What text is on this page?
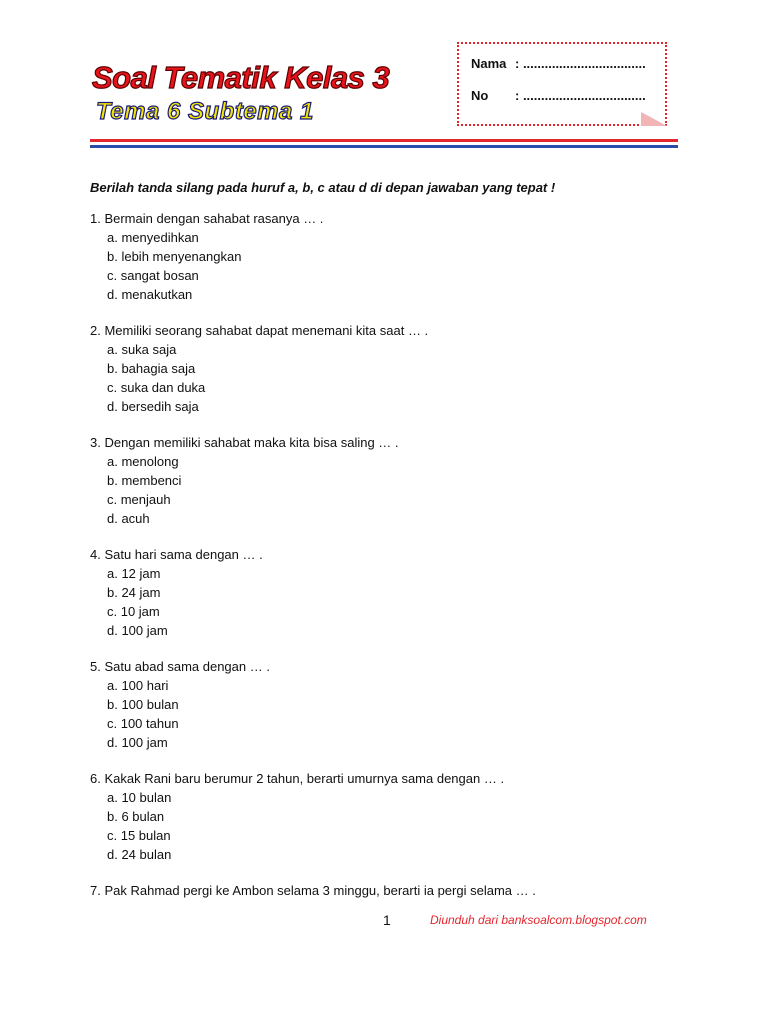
Soal Tematik Kelas 3
Tema 6 Subtema 1
Nama : ..................................
No : ..................................
Berilah tanda silang pada huruf a, b, c atau d di depan jawaban yang tepat !
1. Bermain dengan sahabat rasanya … .
a. menyedihkan
b. lebih menyenangkan
c. sangat bosan
d. menakutkan
2. Memiliki seorang sahabat dapat menemani kita saat … .
a. suka saja
b. bahagia saja
c. suka dan duka
d. bersedih saja
3. Dengan memiliki sahabat maka kita bisa saling … .
a. menolong
b. membenci
c. menjauh
d. acuh
4. Satu hari sama dengan … .
a. 12 jam
b. 24 jam
c. 10 jam
d. 100 jam
5. Satu abad sama dengan … .
a. 100 hari
b. 100 bulan
c. 100 tahun
d. 100 jam
6. Kakak Rani baru berumur 2 tahun, berarti umurnya sama dengan … .
a. 10 bulan
b. 6 bulan
c. 15 bulan
d. 24 bulan
7. Pak Rahmad pergi ke Ambon selama 3 minggu, berarti ia pergi selama … .
1	Diunduh dari banksoalcom.blogspot.com
